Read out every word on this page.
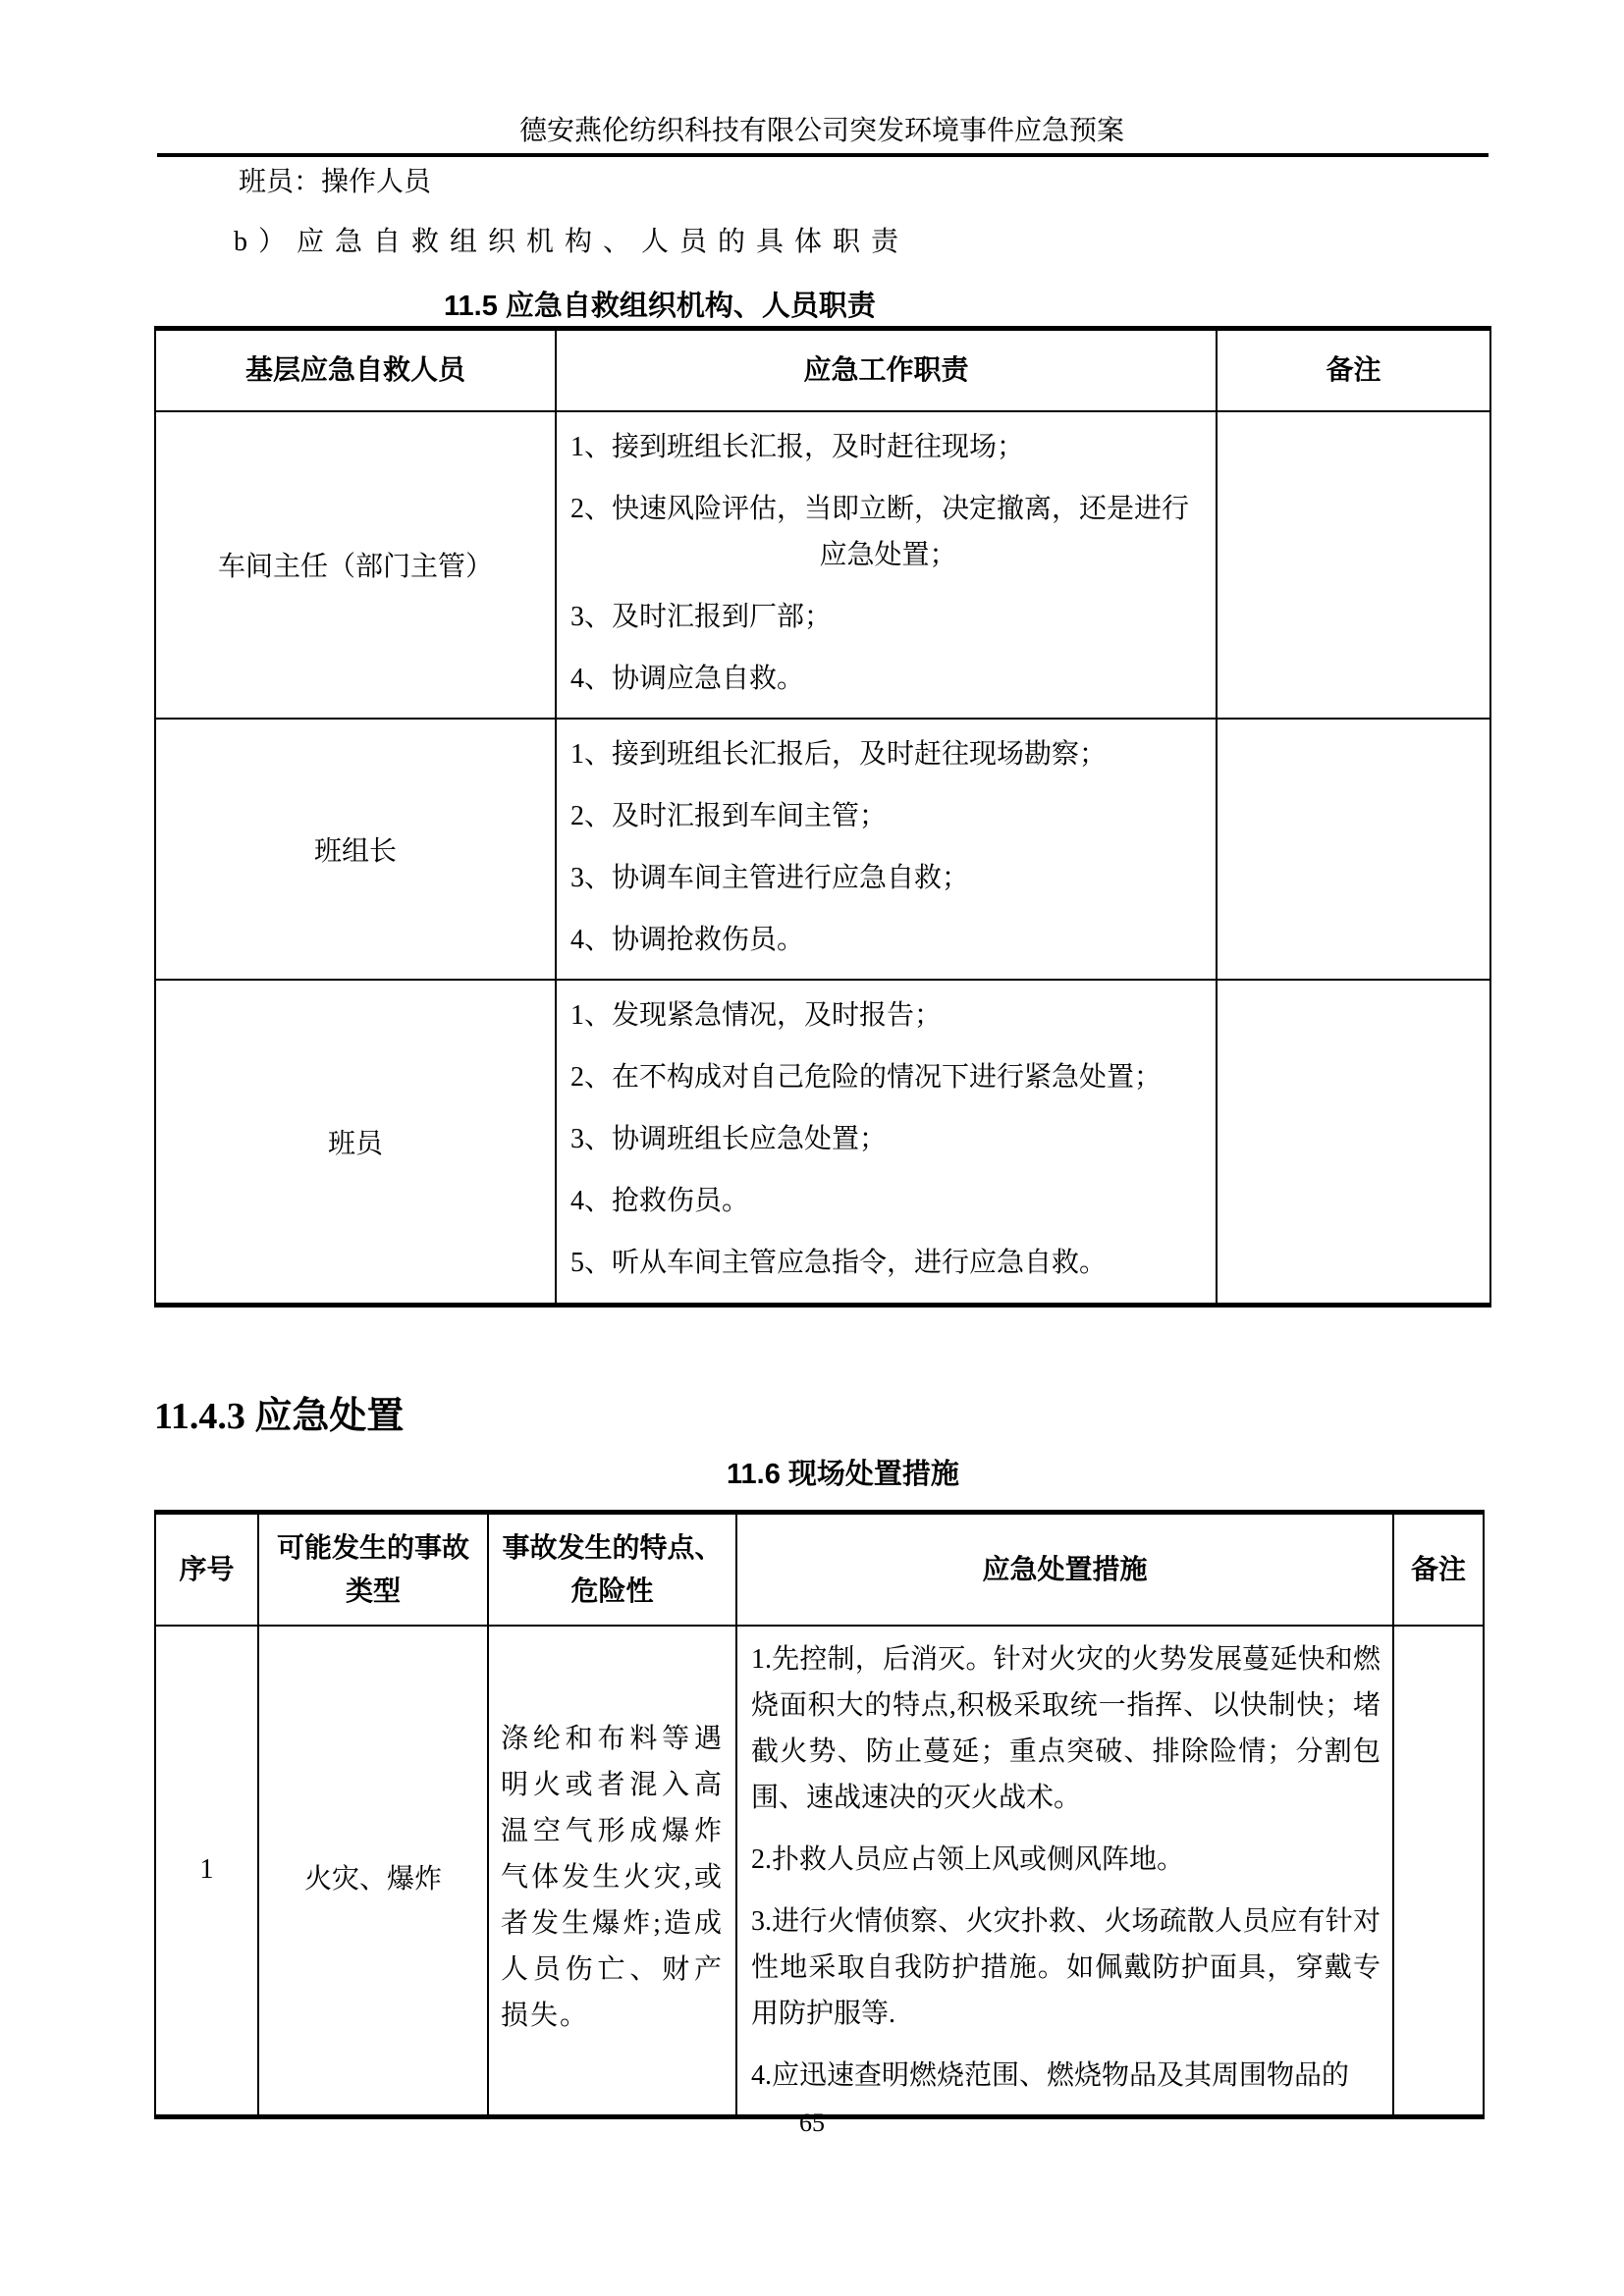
德安燕伦纺织科技有限公司突发环境事件应急预案
班员：操作人员
b）应急自救组织机构、人员的具体职责
11.5 应急自救组织机构、人员职责
基层应急自救人员	应急工作职责	备注
车间主任（部门主管）	1、接到班组长汇报，及时赶往现场；

2、快速风险评估，当即立断，决定撤离，还是进行

应急处置；

3、及时汇报到厂部；

4、协调应急自救。	

班组长	1、接到班组长汇报后，及时赶往现场勘察；

2、及时汇报到车间主管；

3、协调车间主管进行应急自救；

4、协调抢救伤员。	

班员	1、发现紧急情况，及时报告；

2、在不构成对自己危险的情况下进行紧急处置；

3、协调班组长应急处置；

4、抢救伤员。

5、听从车间主管应急指令，进行应急自救。	

11.4.3 应急处置
11.6 现场处置措施
序号	可能发生的事故类型	事故发生的特点、危险性	应急处置措施	备注
1	火灾、爆炸	涤纶和布料等遇明火或者混入高温空气形成爆炸气体发生火灾,或者发生爆炸;造成人员伤亡、财产损失。	1.先控制，后消灭。针对火灾的火势发展蔓延快和燃烧面积大的特点,积极采取统一指挥、以快制快；堵截火势、防止蔓延；重点突破、排除险情；分割包围、速战速决的灭火战术。

2.扑救人员应占领上风或侧风阵地。

3.进行火情侦察、火灾扑救、火场疏散人员应有针对性地采取自我防护措施。如佩戴防护面具，穿戴专用防护服等.

4.应迅速查明燃烧范围、燃烧物品及其周围物品的	

65
